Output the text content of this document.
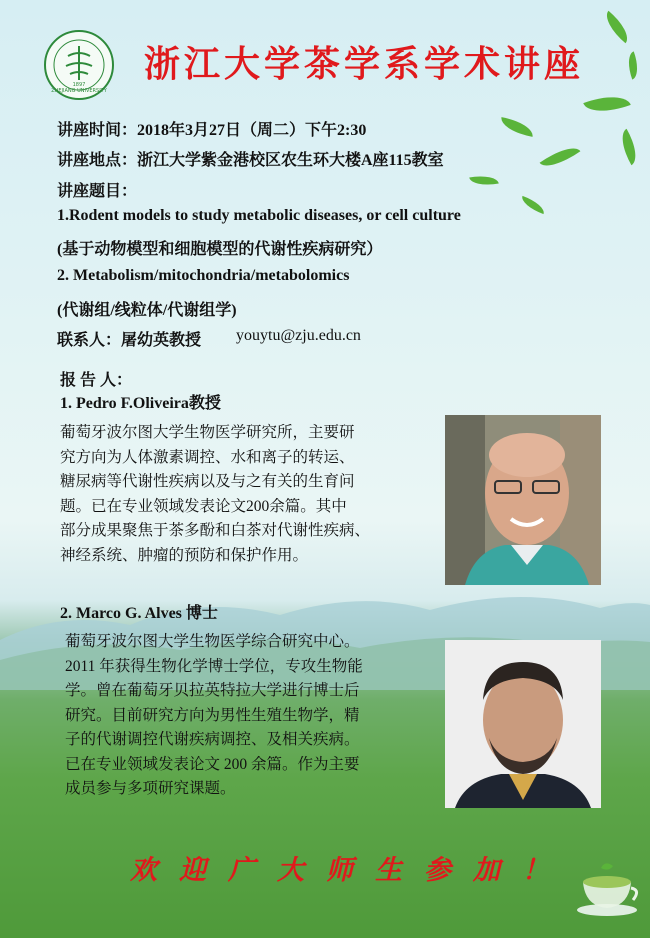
ZHEJIANG UNIVERSITY
1897 浙江大学茶学系学术讲座
讲座时间：2018年3月27日（周二）下午2:30
讲座地点：浙江大学紫金港校区农生环大楼A座115教室
讲座题目：
1.Rodent models to study metabolic diseases, or cell culture
(基于动物模型和细胞模型的代谢性疾病研究）
2. Metabolism/mitochondria/metabolomics
(代谢组/线粒体/代谢组学)
联系人：屠幼英教授 youytu@zju.edu.cn
报 告 人：
1. Pedro F.Oliveira教授
葡萄牙波尔图大学生物医学研究所，主要研
究方向为人体激素调控、水和离子的转运、
糖尿病等代谢性疾病以及与之有关的生育问
题。已在专业领域发表论文200余篇。其中
部分成果聚焦于茶多酚和白茶对代谢性疾病、
神经系统、肿瘤的预防和保护作用。
2. Marco G. Alves 博士
葡萄牙波尔图大学生物医学综合研究中心。
2011 年获得生物化学博士学位，专攻生物能
学。曾在葡萄牙贝拉英特拉大学进行博士后
研究。目前研究方向为男性生殖生物学，精
子的代谢调控代谢疾病调控、及相关疾病。
已在专业领域发表论文 200 余篇。作为主要
成员参与多项研究课题。
欢迎广大师生参加！
